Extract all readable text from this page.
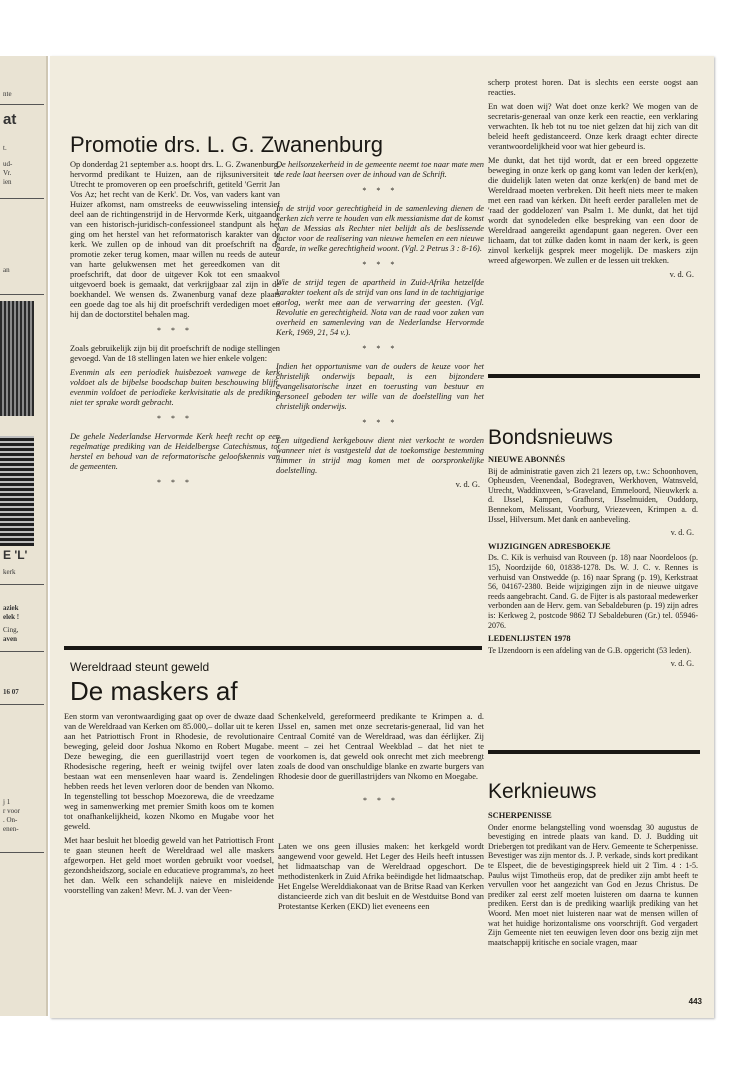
nte
at
t.
ud-
Vr.
ien
an
E 'L'
kerk
aziek
elek !
Cing,
aven
16 07
j 1
r voor
. On-
enen-
Promotie drs. L. G. Zwanenburg

Op donderdag 21 september a.s. hoopt drs. L. G. Zwanenburg, hervormd predikant te Huizen, aan de rijksuniversiteit te Utrecht te promoveren op een proefschrift, getiteld 'Gerrit Jan Vos Az; het recht van de Kerk'. Dr. Vos, van vaders kant van Huizer afkomst, nam omstreeks de eeuwwisseling intensief deel aan de richtingenstrijd in de Hervormde Kerk, uitgaande van een historisch-juridisch-confessioneel standpunt als het ging om het herstel van het reformatorisch karakter van de kerk. We zullen op de inhoud van dit proefschrift na de promotie zeker terug komen, maar willen nu reeds de auteur van harte gelukwensen met het gereedkomen van dit proefschrift, dat door de uitgever Kok tot een smaakvol uitgevoerd boek is gemaakt, dat verkrijgbaar zal zijn in de boekhandel. We wensen ds. Zwanenburg vanaf deze plaats een goede dag toe als hij dit proefschrift verdedigen moet en hij dan de doctorstitel behalen mag.

* * *

Zoals gebruikelijk zijn bij dit proefschrift de nodige stellingen gevoegd. Van de 18 stellingen laten we hier enkele volgen:

Evenmin als een periodiek huisbezoek vanwege de kerk voldoet als de bijbelse boodschap buiten beschouwing blijft, evenmin voldoet de periodieke kerkvisitatie als de prediking niet ter sprake wordt gebracht.

* * *

De gehele Nederlandse Hervormde Kerk heeft recht op een regelmatige prediking van de Heidelbergse Catechismus, tot herstel en behoud van de reformatorische geloofskennis van de gemeenten.

* * *

De heilsonzekerheid in de gemeente neemt toe naar mate men de rede laat heersen over de inhoud van de Schrift.

* * *

In de strijd voor gerechtigheid in de samenleving dienen de kerken zich verre te houden van elk messianisme dat de komst van de Messias als Rechter niet belijdt als de beslissende factor voor de realisering van nieuwe hemelen en een nieuwe aarde, in welke gerechtigheid woont. (Vgl. 2 Petrus 3 : 8-16).

* * *

Wie de strijd tegen de apartheid in Zuid-Afrika hetzelfde karakter toekent als de strijd van ons land in de tachtigjarige oorlog, werkt mee aan de verwarring der geesten. (Vgl. Revolutie en gerechtigheid. Nota van de raad voor zaken van overheid en samenleving van de Nederlandse Hervormde Kerk, 1969, 21, 54 v.).

* * *

Indien het opportunisme van de ouders de keuze voor het christelijk onderwijs bepaalt, is een bijzondere evangelisatorische inzet en toerusting van bestuur en personeel geboden ter wille van de doelstelling van het christelijk onderwijs.

* * *

Een uitgediend kerkgebouw dient niet verkocht te worden wanneer niet is vastgesteld dat de toekomstige bestemming nimmer in strijd mag komen met de oorspronkelijke doelstelling.

v. d. G.
Wereldraad steunt geweld
De maskers af

Een storm van verontwaardiging gaat op over de dwaze daad van de Wereldraad van Kerken om 85.000,– dollar uit te keren aan het Patriottisch Front in Rhodesie, de revolutionaire beweging, geleid door Joshua Nkomo en Robert Mugabe. Deze beweging, die een guerillastrijd voert tegen de Rhodesische regering, heeft er weinig twijfel over laten bestaan wat een mensenleven haar waard is. Zendelingen hebben reeds het leven verloren door de benden van Nkomo. In tegenstelling tot besschop Moezorewa, die de vreedzame weg in samenwerking met premier Smith koos om te komen tot onafhankelijkheid, kozen Nkomo en Mugabe voor het geweld.

Met haar besluit het bloedig geweld van het Patriottisch Front te gaan steunen heeft de Wereldraad wel alle maskers afgeworpen. Het geld moet worden gebruikt voor voedsel, gezondsheidszorg, sociale en educatieve programma's, zo heet het dan. Welk een schandelijk naieve en misleidende voorstelling van zaken! Mevr. M. J. van der Veen-

Schenkelveld, gereformeerd predikante te Krimpen a. d. IJssel en, samen met onze secretaris-generaal, lid van het Centraal Comité van de Wereldraad, was dan éérlijker. Zij meent – zei het Centraal Weekblad – dat het niet te voorkomen is, dat geweld ook onrecht met zich meebrengt zoals de dood van onschuldige blanke en zwarte burgers van Rhodesie door de guerillastrijders van Nkomo en Moegabe.

* * *

Laten we ons geen illusies maken: het kerkgeld wordt aangewend voor geweld. Het Leger des Heils heeft intussen het lidmaatschap van de Wereldraad opgeschort. De methodistenkerk in Zuid Afrika beëindigde het lidmaatschap. Het Engelse Werelddiakonaat van de Britse Raad van Kerken distancieerde zich van dit besluit en de Westduitse Bond van Protestantse Kerken (EKD) liet eveneens een

scherp protest horen. Dat is slechts een eerste oogst aan reacties.

En wat doen wij? Wat doet onze kerk? We mogen van de secretaris-generaal van onze kerk een reactie, een verklaring verwachten. Ik heb tot nu toe niet gelzen dat hij zich van dit beleid heeft gedistanceerd. Onze kerk draagt echter directe verantwoordelijkheid voor wat hier gebeurd is.

Me dunkt, dat het tijd wordt, dat er een breed opgezette beweging in onze kerk op gang komt van leden der kerk(en), die duidelijk laten weten dat onze kerk(en) de band met de Wereldraad moeten verbreken. Dit heeft niets meer te maken met een raad van kérken. Dit heeft eerder parallelen met de 'raad der goddelozen' van Psalm 1. Me dunkt, dat het tijd wordt dat synodeleden elke bespreking van een door de Wereldraad aangereikt agendapunt gaan negeren. Over een lichaam, dat tot zúlke daden komt in naam der kerk, is geen zinvol kerkelijk gesprek meer mogelijk. De maskers zijn wreed afgeworpen. We zullen er de lessen uit trekken.

v. d. G.
Bondsnieuws
NIEUWE ABONNÉS

Bij de administratie gaven zich 21 lezers op, t.w.: Schoonhoven, Opheusden, Veenendaal, Bodegraven, Werkhoven, Watnsveld, Utrecht, Waddinxveen, 's-Graveland, Emmeloord, Nieuwkerk a. d. IJssel, Kampen, Grafhorst, IJsselmuiden, Ouddorp, Bennekom, Melissant, Voorburg, Vriezeveen, Krimpen a. d. IJssel, Hilversum. Met dank en aanbeveling.

v. d. G.
WIJZIGINGEN ADRESBOEKJE

Ds. C. Kik is verhuisd van Rouveen (p. 18) naar Noordeloos (p. 15), Noordzijde 60, 01838-1278. Ds. W. J. C. v. Rennes is verhuisd van Onstwedde (p. 16) naar Sprang (p. 19), Kerkstraat 56, 04167-2380. Beide wijzigingen zijn in de nieuwe uitgave reeds aangebracht. Cand. G. de Fijter is als pastoraal medewerker verbonden aan de Herv. gem. van Sebaldeburen (p. 19) zijn adres is: Kerkweg 2, postcode 9862 TJ Sebaldeburen (Gr.) tel. 05946-2076.

LEDENLIJSTEN 1978

Te IJzendoorn is een afdeling van de G.B. opgericht (53 leden).

v. d. G.
Kerknieuws
SCHERPENISSE

Onder enorme belangstelling vond woensdag 30 augustus de bevestiging en intrede plaats van kand. D. J. Budding uit Driebergen tot predikant van de Herv. Gemeente te Scherpenisse. Bevestiger was zijn mentor ds. J. P. verkade, sinds kort predikant te Elspeet, die de bevestigingspreek hield uit 2 Tim. 4 : 1-5. Paulus wijst Timotheüs erop, dat de prediker zijn ambt heeft te vervullen voor het aangezicht van God en Jezus Christus. De prediker zal eerst zelf moeten luisteren om daarna te kunnen prediken. Eerst dan is de prediking waarlijk prediking van het Woord. Men moet niet luisteren naar wat de mensen willen of wat het huidige horizontalisme ons voorschrijft. God vergadert Zijn Gemeente niet ten eeuwigen leven door ons bezig zijn met maatschappij kritische en sociale vragen, maar

443
